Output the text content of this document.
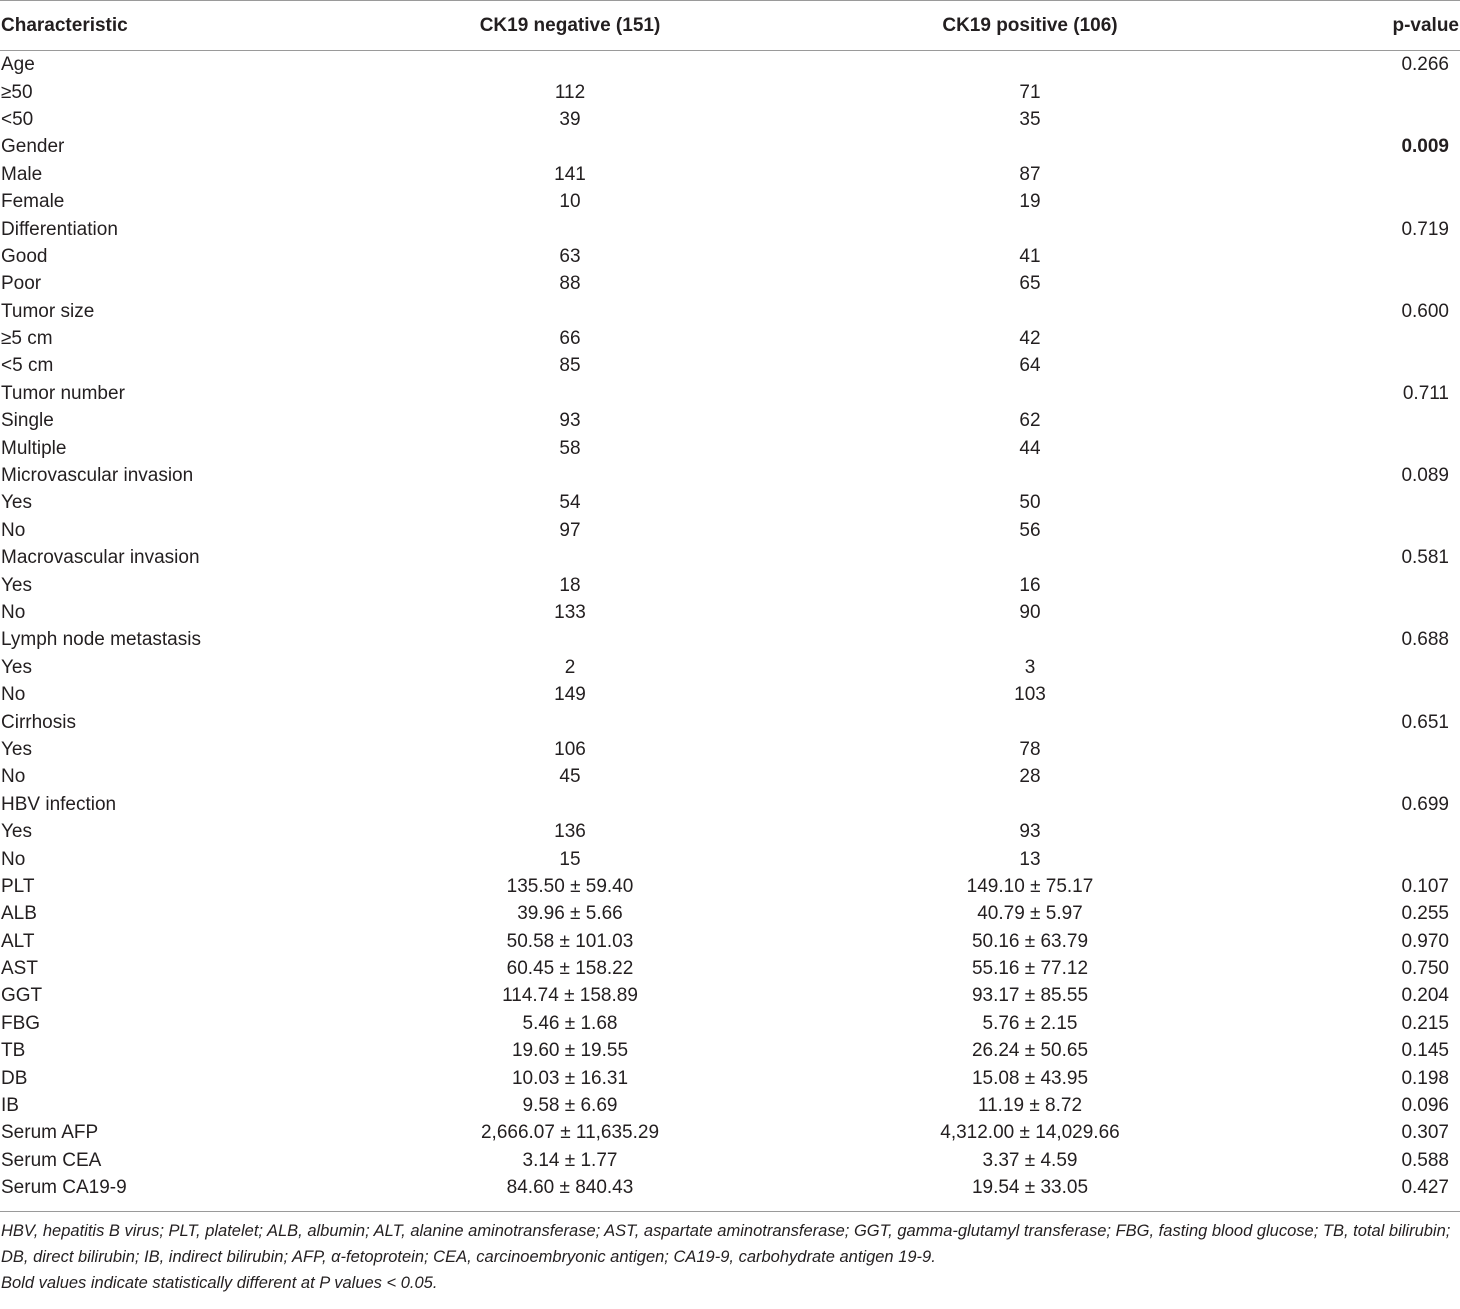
Characteristic	CK19 negative (151)	CK19 positive (106)	p-value
Age			0.266
≥50	112	71	
<50	39	35	
Gender			0.009
Male	141	87	
Female	10	19	
Differentiation			0.719
Good	63	41	
Poor	88	65	
Tumor size			0.600
≥5 cm	66	42	
<5 cm	85	64	
Tumor number			0.711
Single	93	62	
Multiple	58	44	
Microvascular invasion			0.089
Yes	54	50	
No	97	56	
Macrovascular invasion			0.581
Yes	18	16	
No	133	90	
Lymph node metastasis			0.688
Yes	2	3	
No	149	103	
Cirrhosis			0.651
Yes	106	78	
No	45	28	
HBV infection			0.699
Yes	136	93	
No	15	13	
PLT	135.50 ± 59.40	149.10 ± 75.17	0.107
ALB	39.96 ± 5.66	40.79 ± 5.97	0.255
ALT	50.58 ± 101.03	50.16 ± 63.79	0.970
AST	60.45 ± 158.22	55.16 ± 77.12	0.750
GGT	114.74 ± 158.89	93.17 ± 85.55	0.204
FBG	5.46 ± 1.68	5.76 ± 2.15	0.215
TB	19.60 ± 19.55	26.24 ± 50.65	0.145
DB	10.03 ± 16.31	15.08 ± 43.95	0.198
IB	9.58 ± 6.69	11.19 ± 8.72	0.096
Serum AFP	2,666.07 ± 11,635.29	4,312.00 ± 14,029.66	0.307
Serum CEA	3.14 ± 1.77	3.37 ± 4.59	0.588
Serum CA19-9	84.60 ± 840.43	19.54 ± 33.05	0.427
HBV, hepatitis B virus; PLT, platelet; ALB, albumin; ALT, alanine aminotransferase; AST, aspartate aminotransferase; GGT, gamma-glutamyl transferase; FBG, fasting blood glucose; TB, total bilirubin; DB, direct bilirubin; IB, indirect bilirubin; AFP, α-fetoprotein; CEA, carcinoembryonic antigen; CA19-9, carbohydrate antigen 19-9.
Bold values indicate statistically different at P values < 0.05.
